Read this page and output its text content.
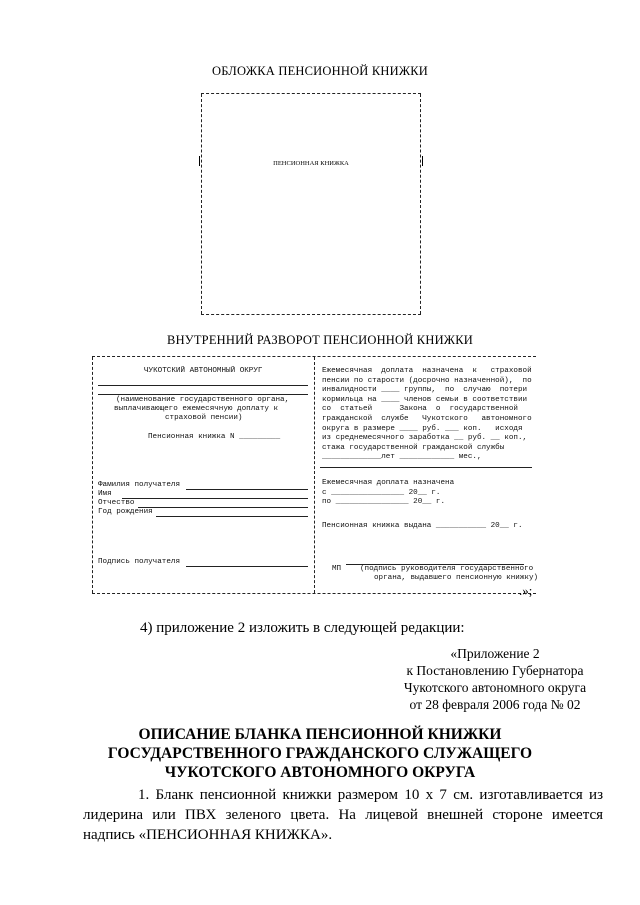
ОБЛОЖКА ПЕНСИОННОЙ КНИЖКИ
ПЕНСИОННАЯ КНИЖКА
ВНУТРЕННИЙ РАЗВОРОТ ПЕНСИОННОЙ КНИЖКИ
ЧУКОТСКИЙ АВТОНОМНЫЙ ОКРУГ
(наименование государственного органа,
выплачивающего ежемесячную доплату к
страховой пенсии)
Пенсионная книжка N _________
Фамилия получателя
Имя
Отчество
Год рождения
Подпись получателя
Ежемесячная  доплата  назначена  к   страховой
пенсии по старости (досрочно назначенной),  по
инвалидности ____ группы,  по  случаю  потери
кормильца на ____ членов семьи в соответствии
со  статьей      Закона  о  государственной
гражданской  службе   Чукотского   автономного
округа в размере ____ руб. ___ коп.   исходя
из среднемесячного заработка __ руб. __ коп.,
стажа государственной гражданской службы
_____________лет ____________ мес.,
Ежемесячная доплата назначена
с ________________ 20__ г.
по ________________ 20__ г.
Пенсионная книжка выдана ___________ 20__ г.
МП (подпись руководителя государственного
органа, выдавшего пенсионную книжку)
.»;
4) приложение 2 изложить в следующей редакции:
«Приложение 2
к Постановлению Губернатора
Чукотского автономного округа
от 28 февраля 2006 года № 02
ОПИСАНИЕ БЛАНКА ПЕНСИОННОЙ КНИЖКИ
ГОСУДАРСТВЕННОГО ГРАЖДАНСКОГО СЛУЖАЩЕГО
ЧУКОТСКОГО АВТОНОМНОГО ОКРУГА
1. Бланк пенсионной книжки размером 10 х 7 см. изготавливается из лидерина или ПВХ зеленого цвета. На лицевой внешней стороне имеется надпись «ПЕНСИОННАЯ КНИЖКА».
